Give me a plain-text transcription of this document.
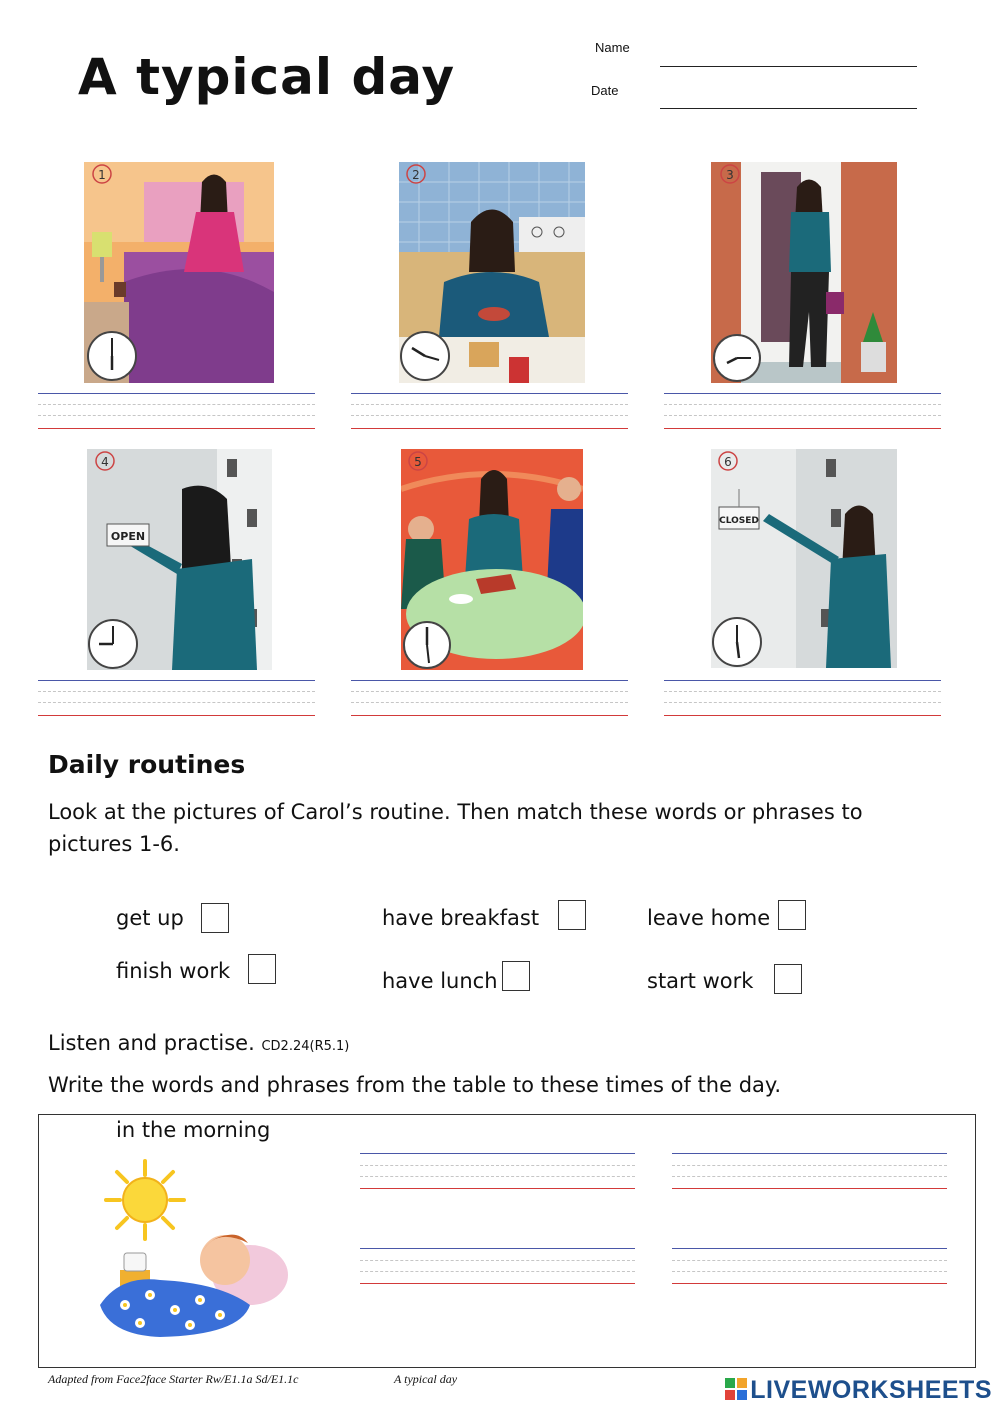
A typical day
Name
Date
1	2	3
OPEN
4	5
CLOSED
6
Daily routines
Look at the pictures of Carol’s routine. Then match these words or phrases to pictures 1-6.
get up	have breakfast	leave home
finish work	have lunch	start work
Listen and practise. CD2.24(R5.1)
Write the words and phrases from the table to these times of the day.
in the morning
Adapted from Face2face Starter Rw/E1.1a Sd/E1.1c	A typical day	LIVEWORKSHEETS
